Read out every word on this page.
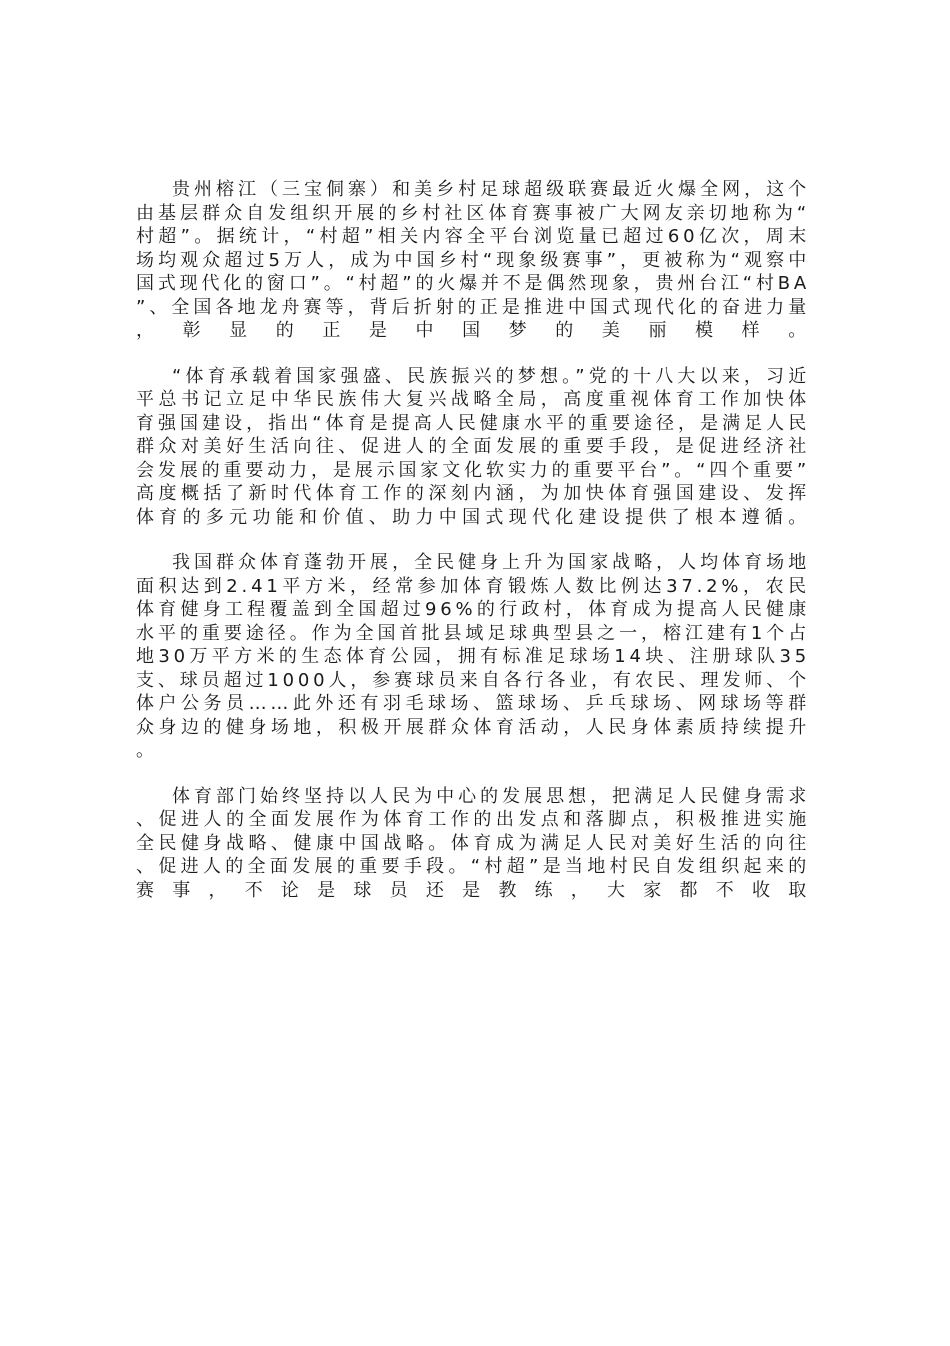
贵州榕江（三宝侗寨）和美乡村足球超级联赛最近火爆全网，这个由基层群众自发组织开展的乡村社区体育赛事被广大网友亲切地称为“村超”。据统计，“村超”相关内容全平台浏览量已超过60亿次，周末场均观众超过5万人，成为中国乡村“现象级赛事”，更被称为“观察中国式现代化的窗口”。“村超”的火爆并不是偶然现象，贵州台江“村BA”、全国各地龙舟赛等，背后折射的正是推进中国式现代化的奋进力量，彰显的正是中国梦的美丽模样。

“体育承载着国家强盛、民族振兴的梦想。”党的十八大以来，习近平总书记立足中华民族伟大复兴战略全局，高度重视体育工作加快体育强国建设，指出“体育是提高人民健康水平的重要途径，是满足人民群众对美好生活向往、促进人的全面发展的重要手段，是促进经济社会发展的重要动力，是展示国家文化软实力的重要平台”。“四个重要”高度概括了新时代体育工作的深刻内涵，为加快体育强国建设、发挥体育的多元功能和价值、助力中国式现代化建设提供了根本遵循。

我国群众体育蓬勃开展，全民健身上升为国家战略，人均体育场地面积达到2.41平方米，经常参加体育锻炼人数比例达37.2%，农民体育健身工程覆盖到全国超过96%的行政村，体育成为提高人民健康水平的重要途径。作为全国首批县域足球典型县之一，榕江建有1个占地30万平方米的生态体育公园，拥有标准足球场14块、注册球队35支、球员超过1000人，参赛球员来自各行各业，有农民、理发师、个体户公务员……此外还有羽毛球场、篮球场、乒乓球场、网球场等群众身边的健身场地，积极开展群众体育活动，人民身体素质持续提升。

体育部门始终坚持以人民为中心的发展思想，把满足人民健身需求、促进人的全面发展作为体育工作的出发点和落脚点，积极推进实施全民健身战略、健康中国战略。体育成为满足人民对美好生活的向往、促进人的全面发展的重要手段。“村超”是当地村民自发组织起来的赛事，不论是球员还是教练，大家都不收取
